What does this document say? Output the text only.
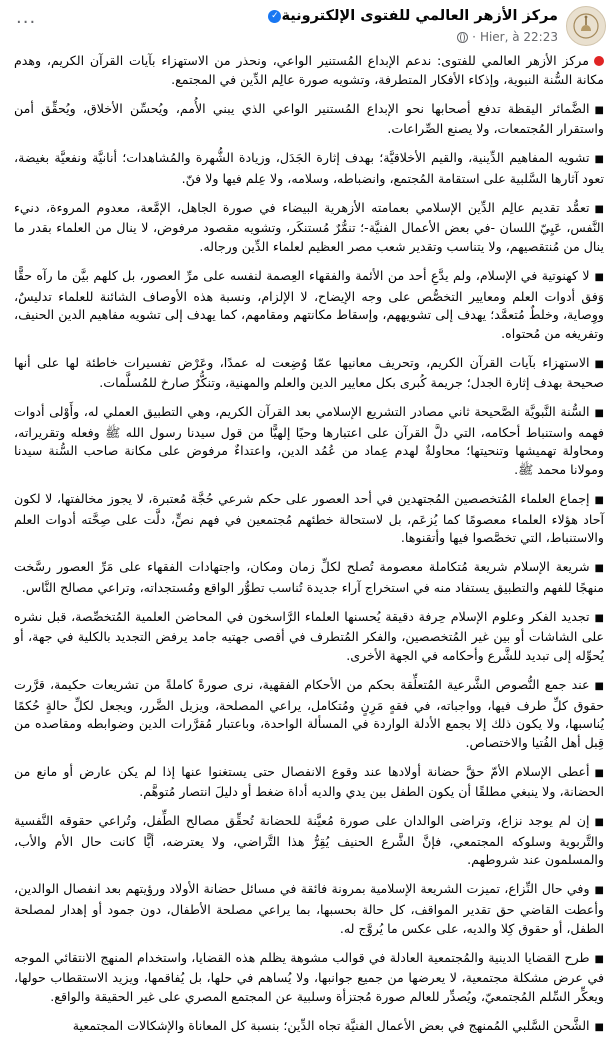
مركز الأزهر العالمي للفتوى الإلكترونية✓
· Hier, à 22:23
···

مركز الأزهر العالمي للفتوى: ندعم الإبداع المُستنير الواعي، ونحذر من الاستهزاء بآيات القرآن الكريم، وهدم مكانة السُّنة النبوية، وإذكاء الأفكار المتطرفة، وتشويه صورة عالِم الدِّين في المجتمع.

■الضَّمائر اليقظة تدفع أصحابها نحو الإبداع المُستنير الواعي الذي يبني الأُمم، ويُحسِّن الأخلاق، ويُحقِّق أمن واستقرار المُجتمعات، ولا يصنع الصِّراعات.

■تشويه المفاهيم الدِّينية، والقيم الأخلاقيَّة؛ بهدف إثارة الجَدَل، وزيادة الشُّهرة والمُشاهدات؛ أنانيَّة ونفعيَّة بغيضة، تعود آثارها السَّلبية على استقامة المُجتمع، وانضباطه، وسلامه، ولا عِلم فيها ولا فنّ.

■تعمُّد تقديم عالِم الدِّين الإسلامي بعمامته الأزهرية البيضاء في صورة الجاهل، الإمَّعة، معدوم المروءة، دنيء النَّفس، عَيِيّ اللسان -في بعض الأعمال الفنيَّة-؛ تنمُّرٌ مُستنكَر، وتشويه مقصود مرفوض، لا ينال من العلماء بقدر ما ينال من مُنتقصيهم، ولا يتناسب وتقدير شعب مصر العظيم لعلماء الدِّين ورجاله.

■لا كهنوتية في الإسلام، ولم يدَّعِ أحد من الأئمة والفقهاء العِصمة لنفسه على مرِّ العصور، بل كلهم بيَّن ما رآه حقًّا وَفق أدوات العلم ومعايير التخصُّص على وجه الإيضاح، لا الإلزام، ونسبة هذه الأوصاف الشائنة للعلماء تدليسٌ، ووِصاية، وخلطٌ مُتعمَّد؛ يهدف إلى تشويههم، وإسقاط مكانتهم ومقامهم، كما يهدف إلى تشويه مفاهيم الدين الحنيف، وتفريغه من مُحتواه.

■الاستهزاء بآيات القرآن الكريم، وتحريف معانيها عمّا وُضِعت له عمدًا، وعَرْض تفسيرات خاطئة لها على أنها صحيحة بهدف إثارة الجدل؛ جريمة كُبرى بكل معايير الدين والعلم والمهنية، وتنكُّرٌ صارخ للمُسلَّمات.

■السُّنة النَّبويَّة الصَّحيحة ثاني مصادر التشريع الإسلامي بعد القرآن الكريم، وهي التطبيق العملي له، وأَوْلى أدوات فهمه واستنباط أحكامه، التي دلَّ القرآن على اعتبارها وحيًا إلهيًّا من قول سيدنا رسول الله ﷺ وفعله وتقريراته، ومحاولة تهميشها وتنحيتها؛ محاولةٌ لهدم عِماد من عُمُد الدين، واعتداءٌ مرفوض على مكانة صاحب السُّنة سيدنا ومولانا محمد ﷺ.

■إجماع العلماء المُتخصصين المُجتهدين في أحد العصور على حكم شرعي حُجَّة مُعتبرة، لا يجوز مخالفتها، لا لكون آحاد هؤلاء العلماء معصومًا كما يُزعَم، بل لاستحالة خطئهم مُجتمعين في فهم نصٍّ، دلَّت على صِحَّته أدوات العلم والاستنباط، التي تخصَّصوا فيها وأتقنوها.

■شريعة الإسلام شريعة مُتكاملة معصومة تُصلح لكلِّ زمان ومكان، واجتهادات الفقهاء على مَرِّ العصور رسَّخت منهجًا للفهم والتطبيق يستفاد منه في استخراج آراء جديدة تُناسب تطوُّر الواقع ومُستجداته، وتراعي مصالح النَّاس.

■تجديد الفكر وعلوم الإسلام حِرفة دقيقة يُحسنها العلماء الرَّاسخون في المحاضن العلمية المُتخصِّصة، قبل نشره على الشاشات أو بين غير المُتخصصين، والفكر المُتطرف في أقصى جهتيه جامد يرفض التجديد بالكلية في جهة، أو يُحوِّله إلى تبديد للشَّرع وأحكامه في الجهة الأخرى.

■عند جمع النُّصوص الشَّرعية المُتعلِّقة بحكم من الأحكام الفقهية، نرى صورةً كاملةً من تشريعات حكيمة، قرَّرت حقوق كلِّ طرف فيها، وواجباته، في فقهٍ مَرِنٍ ومُتكامل، يراعي المصلحة، ويزيل الضَّرر، ويجعل لكلِّ حالةٍ حُكمًا يُناسبها، ولا يكون ذلك إلا بجمع الأدلة الواردة في المسألة الواحدة، وباعتبار مُقرَّرات الدين وضوابطه ومقاصده من قِبل أهل الفُتيا والاختصاص.

■أعطى الإسلام الأمّ حقَّ حضانة أولادها عند وقوع الانفصال حتى يستغنوا عنها إذا لم يكن عارض أو مانع من الحضانة، ولا ينبغي مطلقًا أن يكون الطفل بين يدي والديه أداة ضغط أو دليلَ انتصار مُتوهَّم.

■إن لم يوجد نزاع، وتراضى الوالدان على صورة مُعيَّنة للحضانة تُحقِّق مصالح الطِّفل، وتُراعي حقوقه النَّفسية والتَّربوية وسلوكه المجتمعي، فإنَّ الشَّرع الحنيف يُقِرُّ هذا التَّراضي، ولا يعترضه، أيًّا كانت حال الأم والأب، والمسلمون عند شروطهم.

■وفي حال النِّزاع، تميزت الشريعة الإسلامية بمرونة فائقة في مسائل حضانة الأولاد ورؤيتهم بعد انفصال الوالدين، وأعطت القاضي حق تقدير المواقف، كل حالة بحسبها، بما يراعي مصلحة الأطفال، دون جمود أو إهدار لمصلحة الطفل، أو حقوق كِلا والديه، على عكس ما يُروَّج له.

■طرح القضايا الدينية والمُجتمعية العادلة في قوالب مشوهة يظلم هذه القضايا، واستخدام المنهج الانتقائي الموجه في عرض مشكلة مجتمعية، لا يعرضها من جميع جوانبها، ولا يُساهم في حلها، بل يُفاقمها، ويزيد الاستقطاب حولها، ويعكِّر السِّلم المُجتمعيّ، ويُصدِّر للعالم صورة مُجتزأة وسلبية عن المجتمع المصري على غير الحقيقة والواقع.

■الشَّحن السَّلبي المُمنهج في بعض الأعمال الفنيَّة تجاه الدِّين؛ بنسبة كل المعاناة والإشكالات المجتمعية
